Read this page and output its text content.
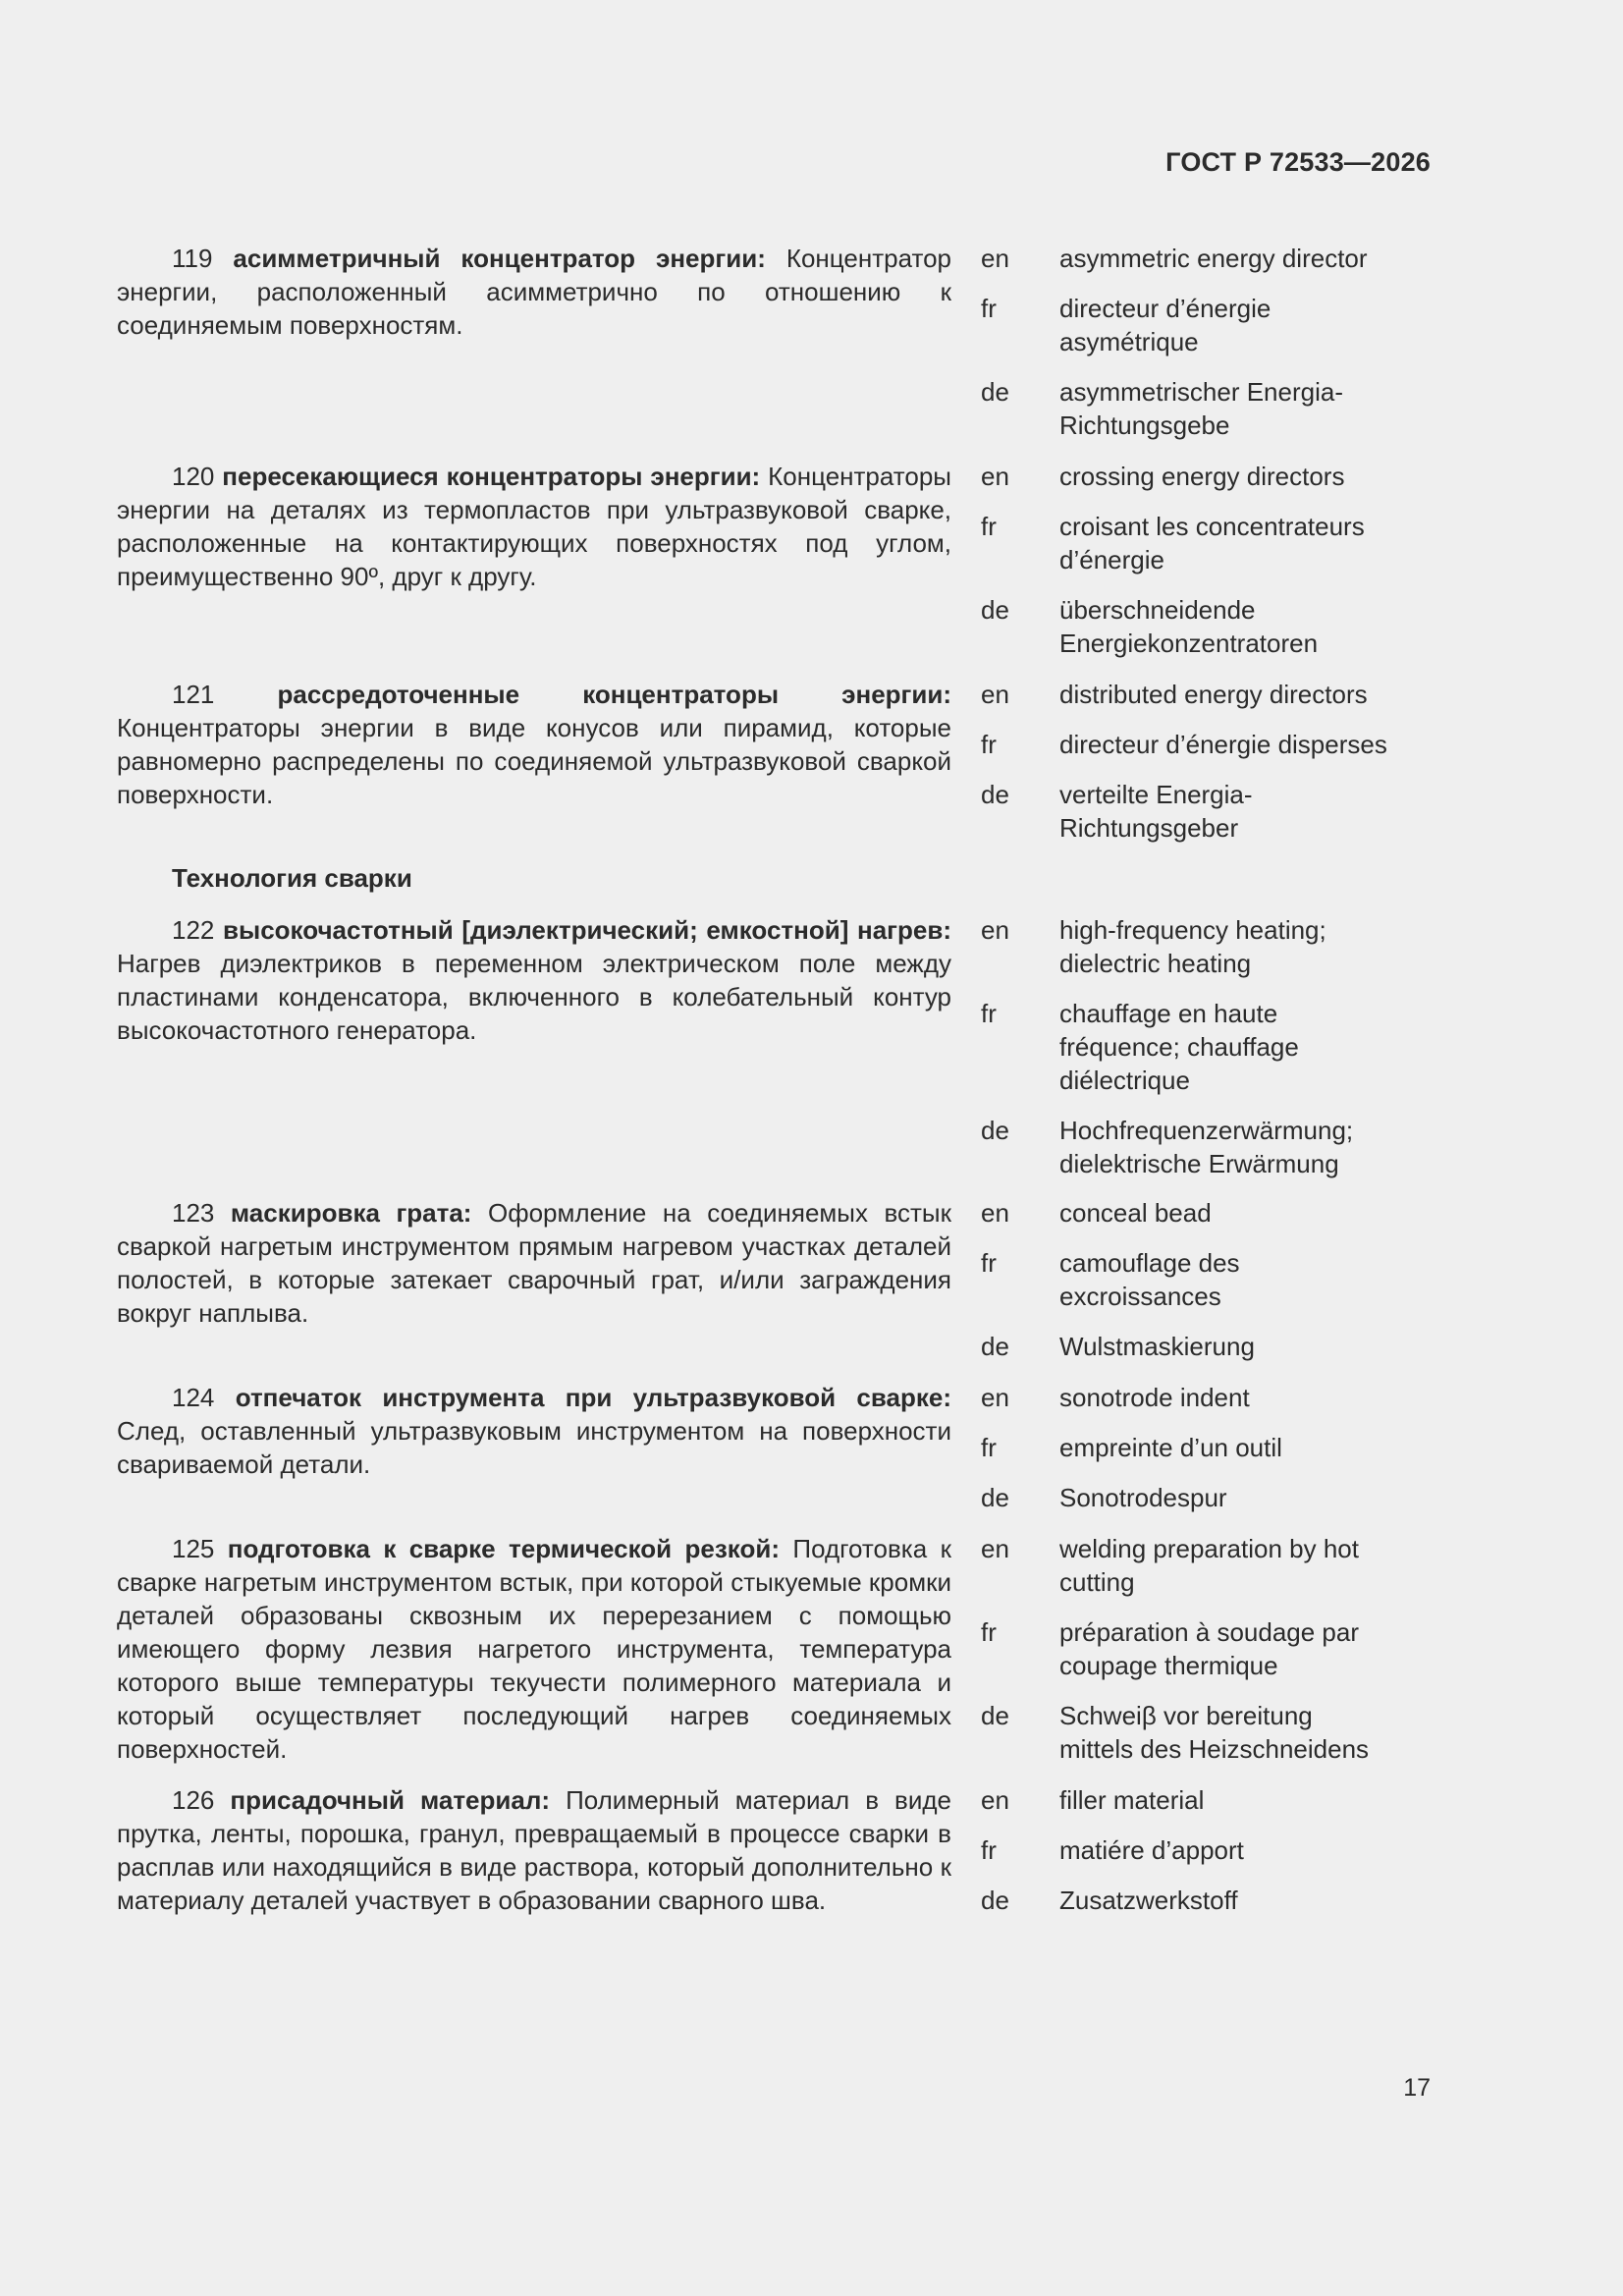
ГОСТ Р 72533—2026
119 асимметричный концентратор энергии: Концентратор энергии, расположенный асимметрично по отношению к соединяемым поверхностям.
en	asymmetric energy director
fr	directeur d’énergie asymétrique
de	asymmetrischer Energia-Richtungsgebe
120 пересекающиеся концентраторы энергии: Концентраторы энергии на деталях из термопластов при ультразвуковой сварке, расположенные на контактирующих поверхностях под углом, преимущественно 90º, друг к другу.
en	crossing energy directors
fr	croisant les concentrateurs d’énergie
de	überschneidende Energiekonzentratoren
121 рассредоточенные концентраторы энергии: Концентраторы энергии в виде конусов или пирамид, которые равномерно распределены по соединяемой ультразвуковой сваркой поверхности.
en	distributed energy directors
fr	directeur d’énergie disperses
de	verteilte Energia-Richtungsgeber
Технология сварки
122 высокочастотный [диэлектрический; емкостной] нагрев: Нагрев диэлектриков в переменном электрическом поле между пластинами конденсатора, включенного в колебательный контур высокочастотного генератора.
en	high-frequency heating; dielectric heating
fr	chauffage en haute fréquence; chauffage diélectrique
de	Hochfrequenzerwärmung; dielektrische Erwärmung
123 маскировка грата: Оформление на соединяемых встык сваркой нагретым инструментом прямым нагревом участках деталей полостей, в которые затекает сварочный грат, и/или заграждения вокруг наплыва.
en	conceal bead
fr	camouflage des excroissances
de	Wulstmaskierung
124 отпечаток инструмента при ультразвуковой сварке: След, оставленный ультразвуковым инструментом на поверхности свариваемой детали.
en	sonotrode indent
fr	empreinte d’un outil
de	Sonotrodespur
125 подготовка к сварке термической резкой: Подготовка к сварке нагретым инструментом встык, при которой стыкуемые кромки деталей образованы сквозным их перерезанием с помощью имеющего форму лезвия нагретого инструмента, температура которого выше температуры текучести полимерного материала и который осуществляет последующий нагрев соединяемых поверхностей.
en	welding preparation by hot cutting
fr	préparation à soudage par coupage thermique
de	Schweiβ vor bereitung mittels des Heizschneidens
126 присадочный материал: Полимерный материал в виде прутка, ленты, порошка, гранул, превращаемый в процессе сварки в расплав или находящийся в виде раствора, который дополнительно к материалу деталей участвует в образовании сварного шва.
en	filler material
fr	matiére d’apport
de	Zusatzwerkstoff
17
